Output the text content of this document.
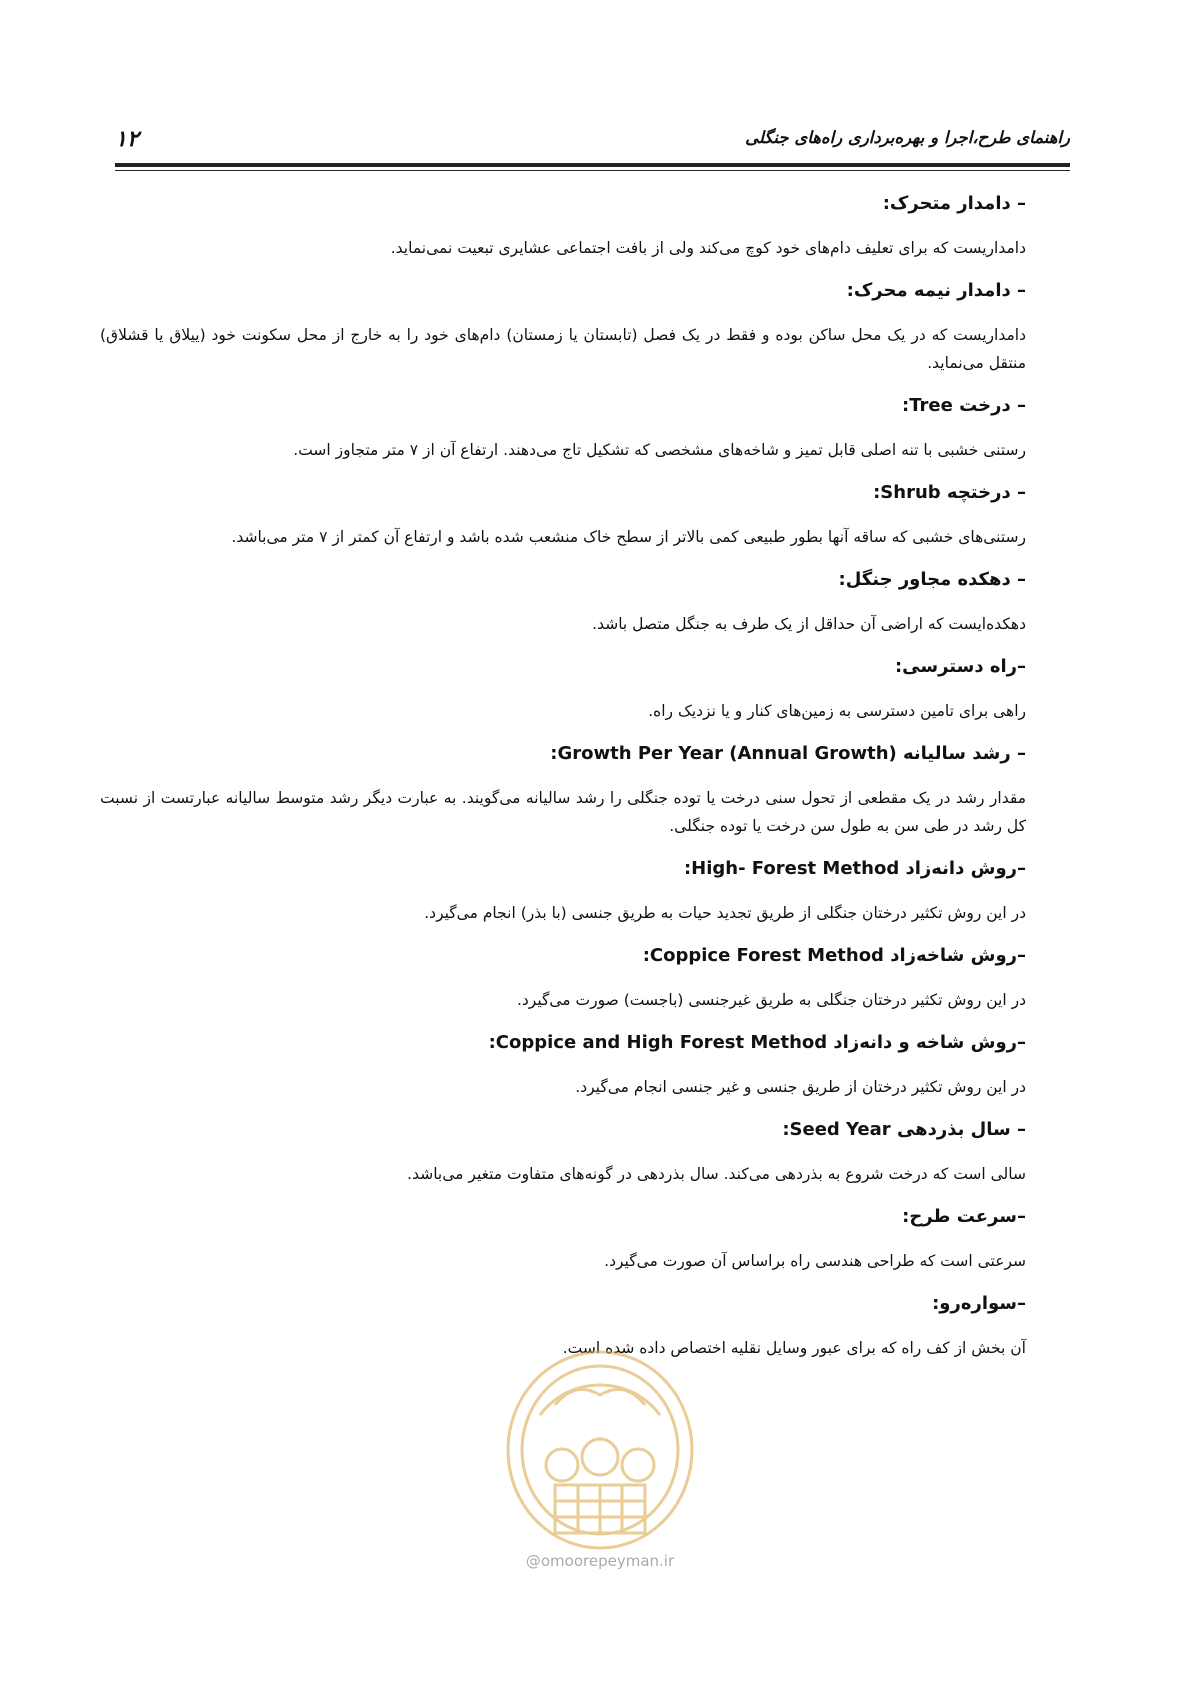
۱۲	راهنمای طرح،اجرا و بهره‌برداری راه‌های جنگلی

– دامدار متحرک:

دامداریست که برای تعلیف دام‌های خود کوچ می‌کند ولی از بافت اجتماعی عشایری تبعیت نمی‌نماید.

– دامدار نیمه محرک:

دامداریست که در یک محل ساکن بوده و فقط در یک فصل (تابستان یا زمستان) دام‌های خود را به خارج از محل سکونت خود (ییلاق یا قشلاق) منتقل می‌نماید.

– درخت Tree:

رستنی خشبی با تنه اصلی قابل تمیز و شاخه‌های مشخصی که تشکیل تاج می‌دهند. ارتفاع آن از ۷ متر متجاوز است.

– درختچه Shrub:

رستنی‌های خشبی که ساقه آنها بطور طبیعی کمی بالاتر از سطح خاک منشعب شده باشد و ارتفاع آن کمتر از ۷ متر می‌باشد.

– دهکده مجاور جنگل:

دهکده‌ایست که اراضی آن حداقل از یک طرف به جنگل متصل باشد.

–راه دسترسی:

راهی برای تامین دسترسی به زمین‌های کنار و یا نزدیک راه.

– رشد سالیانه Growth Per Year (Annual Growth):

مقدار رشد در یک مقطعی از تحول سنی درخت یا توده جنگلی را رشد سالیانه می‌گویند. به عبارت دیگر رشد متوسط سالیانه عبارتست از نسبت کل رشد در طی سن به طول سن درخت یا توده جنگلی.

–روش دانه‌زاد High- Forest Method:

در این روش تکثیر درختان جنگلی از طریق تجدید حیات به طریق جنسی (با بذر) انجام می‌گیرد.

–روش شاخه‌زاد Coppice Forest Method:

در این روش تکثیر درختان جنگلی به طریق غیرجنسی (باجست) صورت می‌گیرد.

–روش شاخه و دانه‌زاد Coppice and High Forest Method:

در این روش تکثیر درختان از طریق جنسی و غیر جنسی انجام می‌گیرد.

– سال بذردهی Seed Year:

سالی است که درخت شروع به بذردهی می‌کند. سال بذردهی در گونه‌های متفاوت متغیر می‌باشد.

–سرعت طرح:

سرعتی است که طراحی هندسی راه براساس آن صورت می‌گیرد.

–سواره‌رو:

آن بخش از کف راه که برای عبور وسایل نقلیه اختصاص داده شده است.

@omoorepeyman.ir
